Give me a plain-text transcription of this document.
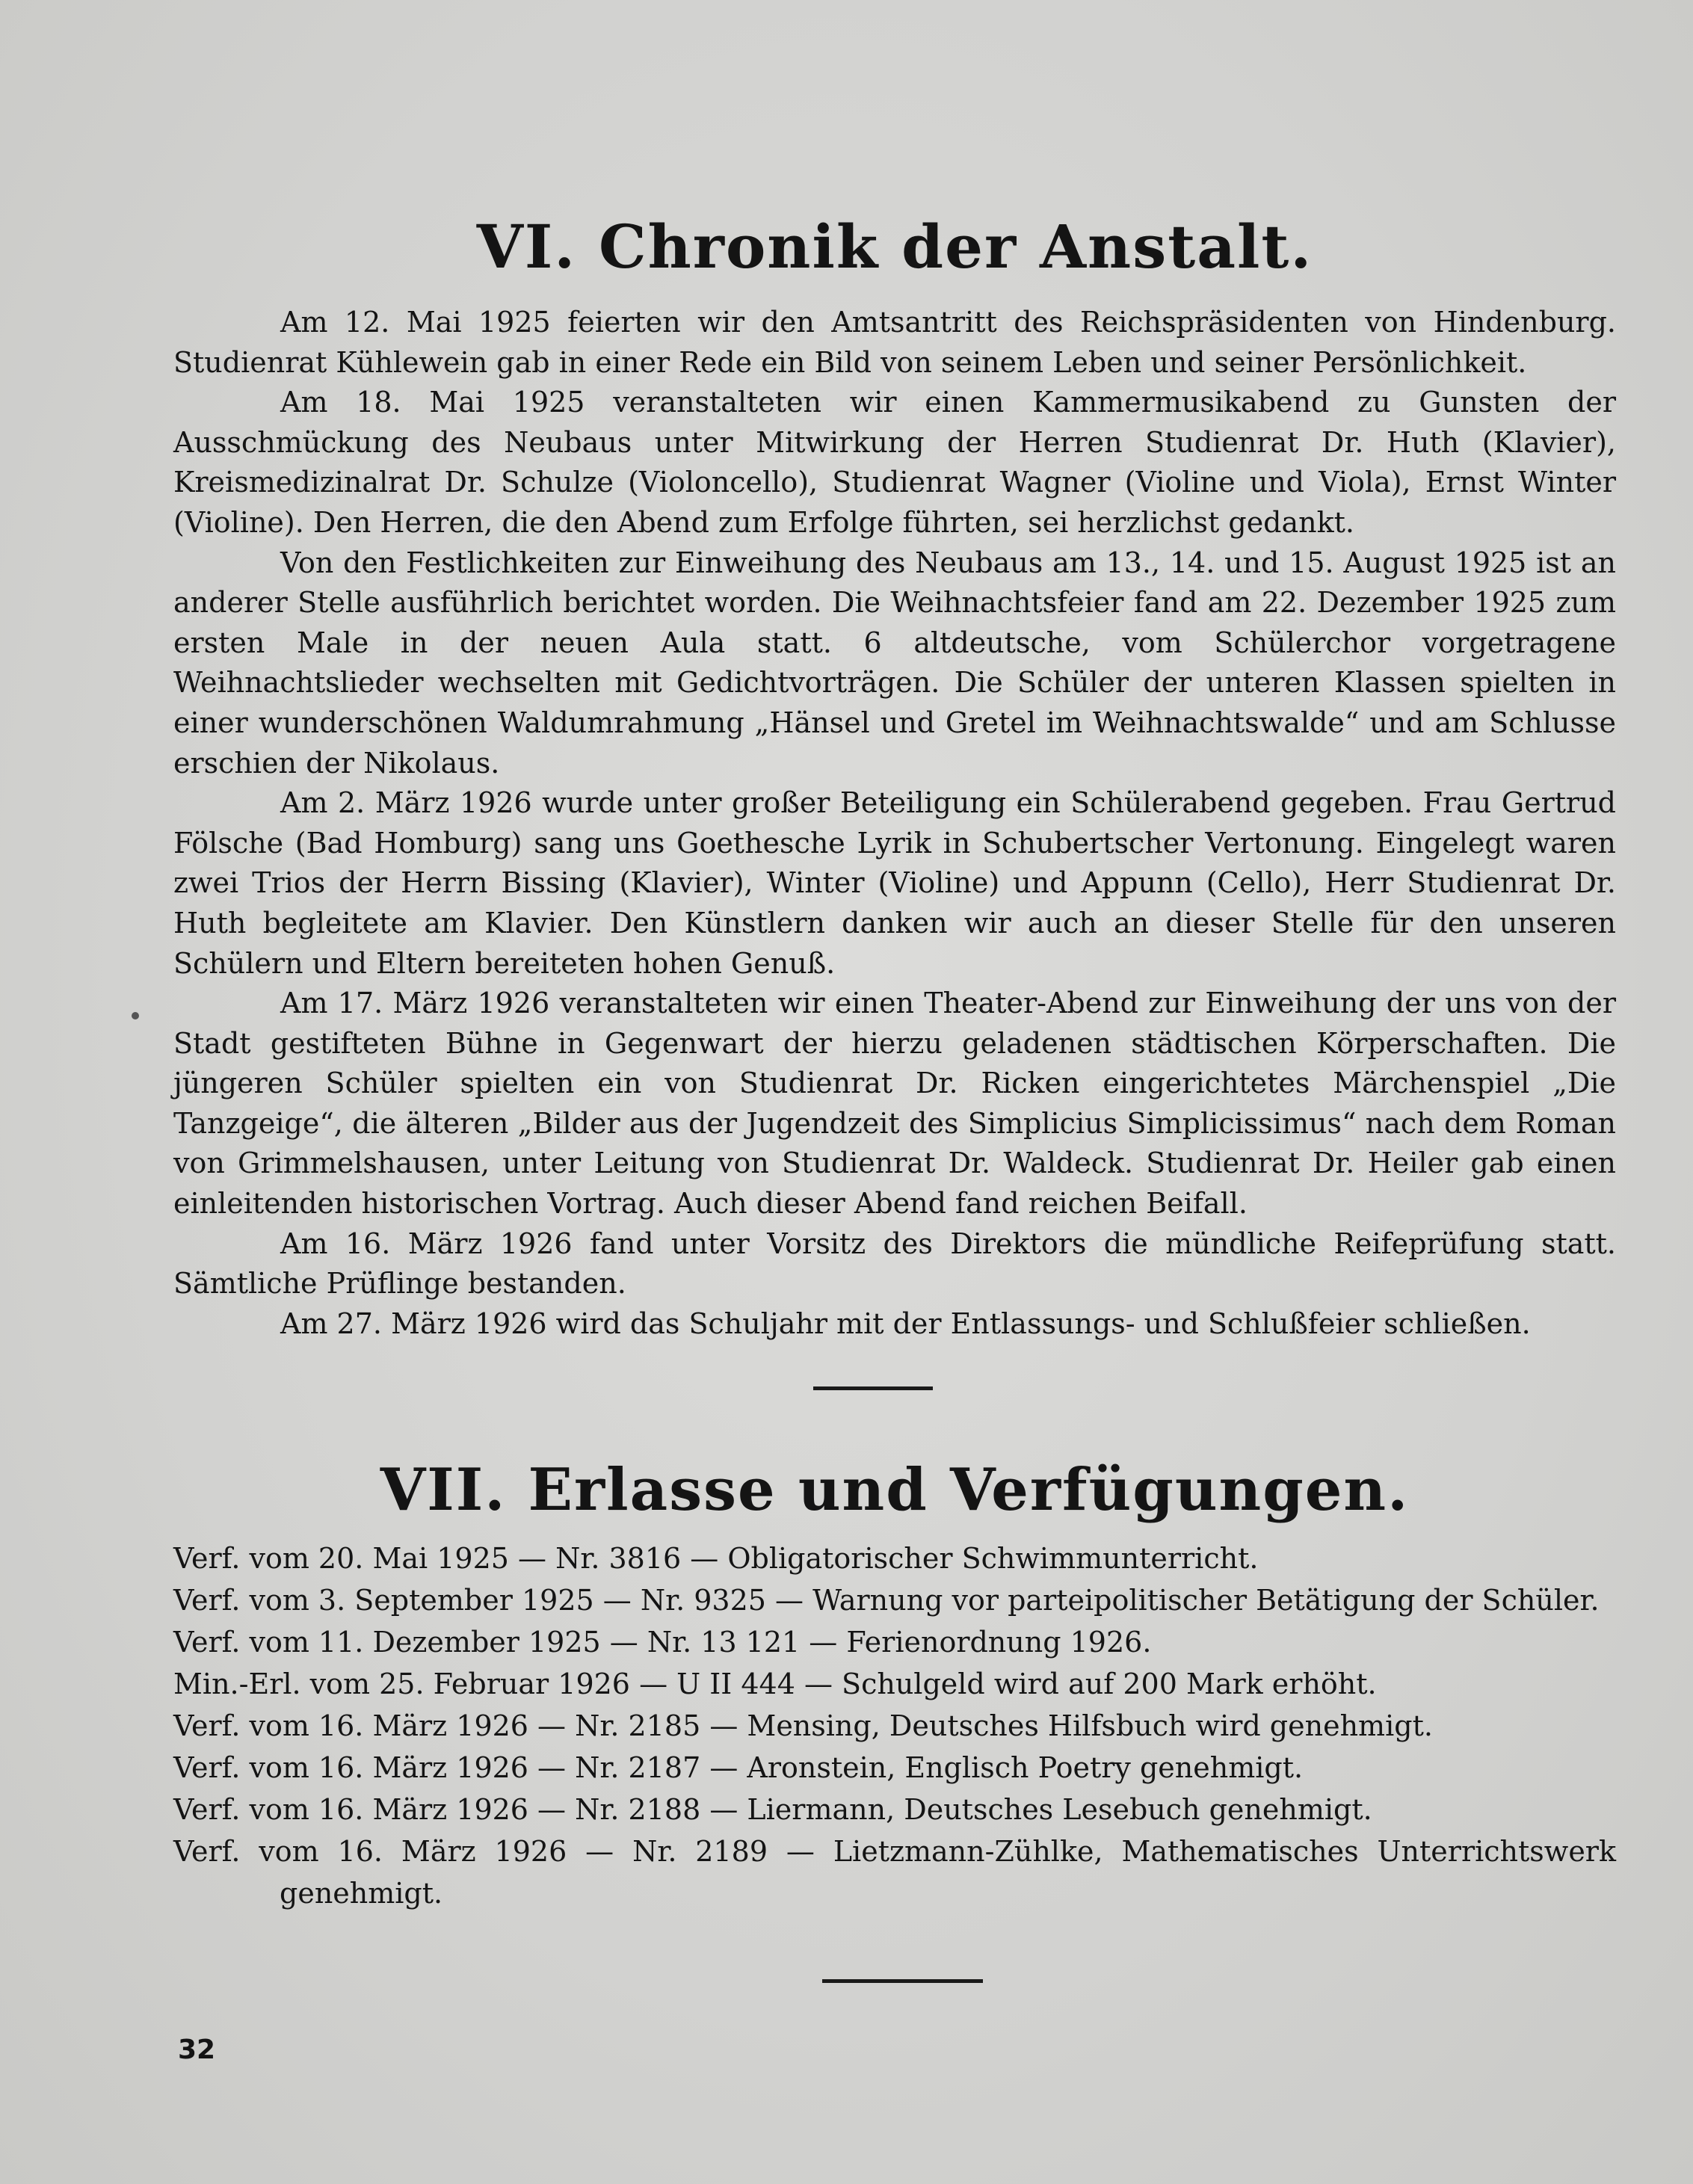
VI. Chronik der Anstalt.

Am 12. Mai 1925 feierten wir den Amtsantritt des Reichspräsidenten von Hindenburg. Studienrat Kühlewein gab in einer Rede ein Bild von seinem Leben und seiner Persönlichkeit.

Am 18. Mai 1925 veranstalteten wir einen Kammermusikabend zu Gunsten der Ausschmückung des Neubaus unter Mitwirkung der Herren Studienrat Dr. Huth (Klavier), Kreismedizinalrat Dr. Schulze (Violoncello), Studienrat Wagner (Violine und Viola), Ernst Winter (Violine). Den Herren, die den Abend zum Erfolge führten, sei herzlichst gedankt.

Von den Festlichkeiten zur Einweihung des Neubaus am 13., 14. und 15. August 1925 ist an anderer Stelle ausführlich berichtet worden. Die Weihnachtsfeier fand am 22. Dezember 1925 zum ersten Male in der neuen Aula statt. 6 altdeutsche, vom Schülerchor vorgetragene Weihnachtslieder wechselten mit Gedichtvorträgen. Die Schüler der unteren Klassen spielten in einer wunderschönen Waldumrahmung „Hänsel und Gretel im Weihnachtswalde“ und am Schlusse erschien der Nikolaus.

Am 2. März 1926 wurde unter großer Beteiligung ein Schülerabend gegeben. Frau Gertrud Fölsche (Bad Homburg) sang uns Goethesche Lyrik in Schubertscher Vertonung. Eingelegt waren zwei Trios der Herrn Bissing (Klavier), Winter (Violine) und Appunn (Cello), Herr Studienrat Dr. Huth begleitete am Klavier. Den Künstlern danken wir auch an dieser Stelle für den unseren Schülern und Eltern bereiteten hohen Genuß.

Am 17. März 1926 veranstalteten wir einen Theater-Abend zur Einweihung der uns von der Stadt gestifteten Bühne in Gegenwart der hierzu geladenen städtischen Körperschaften. Die jüngeren Schüler spielten ein von Studienrat Dr. Ricken eingerichtetes Märchenspiel „Die Tanzgeige“, die älteren „Bilder aus der Jugendzeit des Simplicius Simplicissimus“ nach dem Roman von Grimmelshausen, unter Leitung von Studienrat Dr. Waldeck. Studienrat Dr. Heiler gab einen einleitenden historischen Vortrag. Auch dieser Abend fand reichen Beifall.

Am 16. März 1926 fand unter Vorsitz des Direktors die mündliche Reifeprüfung statt. Sämtliche Prüflinge bestanden.

Am 27. März 1926 wird das Schuljahr mit der Entlassungs- und Schlußfeier schließen.

VII. Erlasse und Verfügungen.
Verf. vom 20. Mai 1925 — Nr. 3816 — Obligatorischer Schwimmunterricht.
Verf. vom 3. September 1925 — Nr. 9325 — Warnung vor parteipolitischer Betätigung der Schüler.
Verf. vom 11. Dezember 1925 — Nr. 13 121 — Ferienordnung 1926.
Min.-Erl. vom 25. Februar 1926 — U II 444 — Schulgeld wird auf 200 Mark erhöht.
Verf. vom 16. März 1926 — Nr. 2185 — Mensing, Deutsches Hilfsbuch wird genehmigt.
Verf. vom 16. März 1926 — Nr. 2187 — Aronstein, Englisch Poetry genehmigt.
Verf. vom 16. März 1926 — Nr. 2188 — Liermann, Deutsches Lesebuch genehmigt.
Verf. vom 16. März 1926 — Nr. 2189 — Lietzmann-Zühlke, Mathematisches Unterrichtswerk genehmigt.
32
